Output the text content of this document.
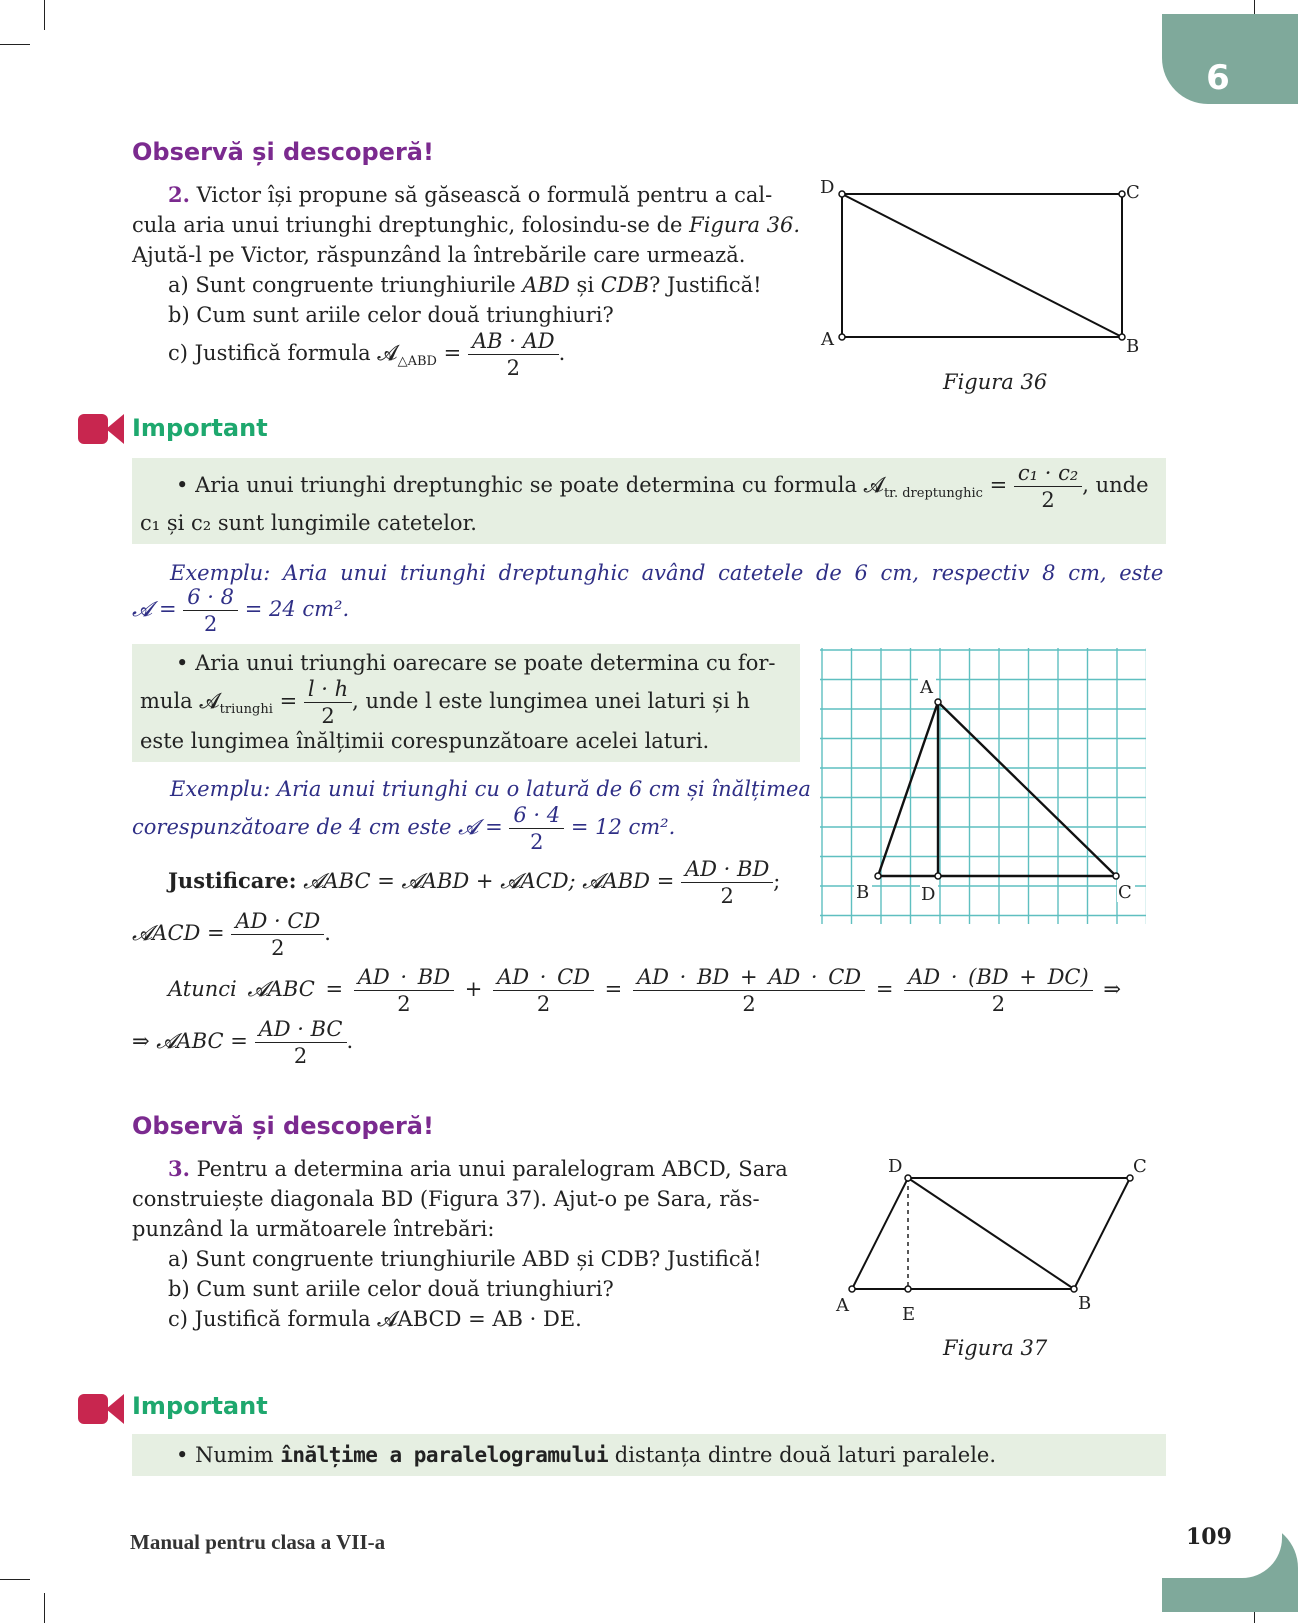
6
Observă și descoperă!
2. Victor își propune să găsească o formulă pentru a cal-
cula aria unui triunghi dreptunghic, folosindu-se de Figura 36.
Ajută-l pe Victor, răspunzând la întrebările care urmează.
a) Sunt congruente triunghiurile ABD și CDB? Justifică!
b) Cum sunt ariile celor două triunghiuri?
c) Justifică formula 𝓐$_{\triangle ABD}$ = $\frac{AB \cdot AD}{2}$ .
D	C
A	B
Figura 36
Important
• Aria unui triunghi dreptunghic se poate determina cu formula 𝓐$_{tr. dreptunghic}$ = $\frac{\text{c₁ · c₂}}{2}$ , unde
c₁ și c₂ sunt lungimile catetelor.
Exemplu: Aria unui triunghi dreptunghic având catetele de 6 cm, respectiv 8 cm, este
𝓐 = $\frac{6 \cdot 8}{2} = 24$ cm².
• Aria unui triunghi oarecare se poate determina cu for-
mula 𝓐$_{triunghi}$ = $\frac{l \cdot h}{2}$ , unde l este lungimea unei laturi și h
este lungimea înălțimii corespunzătoare acelei laturi.
Exemplu: Aria unui triunghi cu o latură de 6 cm și înălțimea
corespunzătoare de 4 cm este 𝓐 = $\frac{6 \cdot 4}{2} = 12$ cm².
A
B	D	C
Justificare: 𝓐ABC = 𝓐ABD + 𝓐ACD; 𝓐ABD = $\frac{AD \cdot BD}{2}$ ;
𝓐ACD = $\frac{AD \cdot CD}{2}$ .
Atunci 𝓐ABC = $\frac{AD \cdot BD}{2} + \frac{AD \cdot CD}{2} = \frac{AD \cdot BD + AD \cdot CD}{2} = \frac{AD \cdot (BD + DC)}{2}$ ⇒
⇒ 𝓐ABC = $\frac{AD \cdot BC}{2}$ .
Observă și descoperă!
3. Pentru a determina aria unui paralelogram ABCD, Sara
construiește diagonala BD (Figura 37). Ajut-o pe Sara, răs-
punzând la următoarele întrebări:
a) Sunt congruente triunghiurile ABD și CDB? Justifică!
b) Cum sunt ariile celor două triunghiuri?
c) Justifică formula 𝓐ABCD = AB · DE.
D	C
A	E
B
Figura 37
Important
• Numim înălțime a paralelogramului distanța dintre două laturi paralele.
Manual pentru clasa a VII-a	109
